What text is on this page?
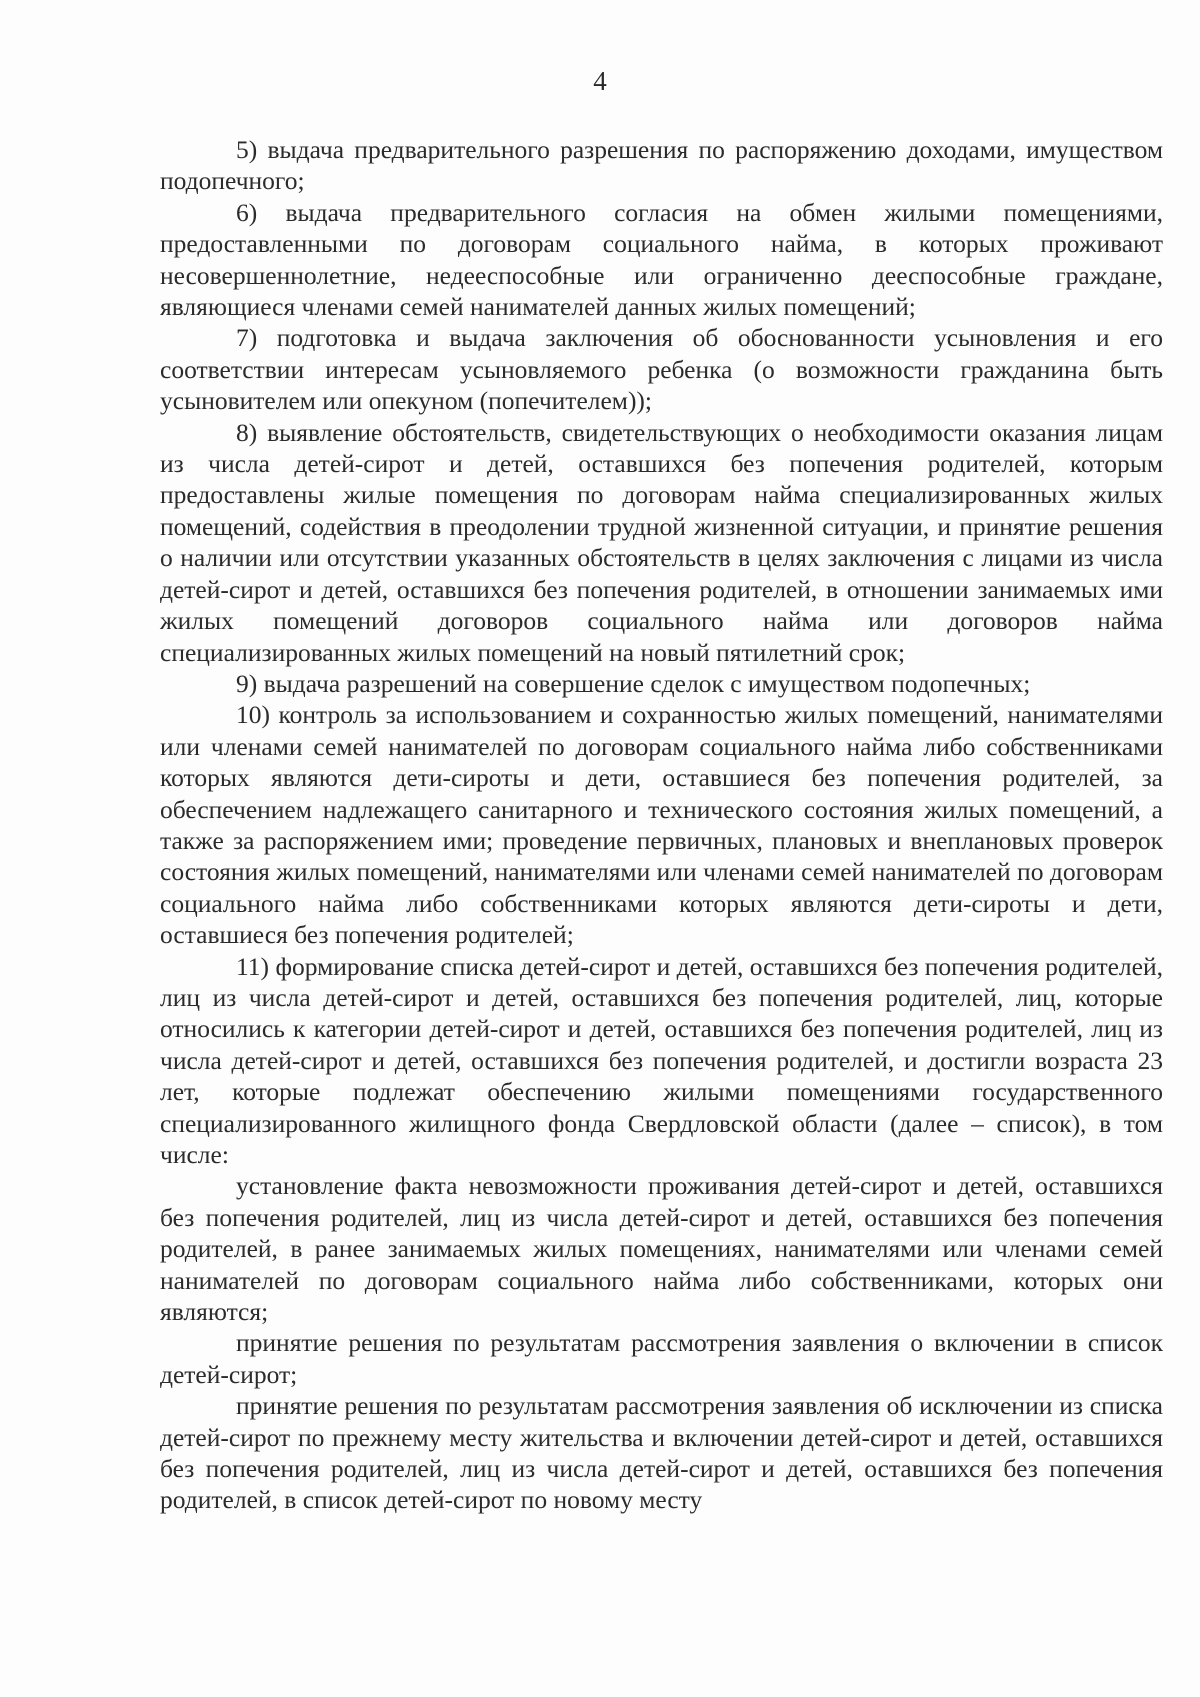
4

5) выдача предварительного разрешения по распоряжению доходами, имуществом подопечного;

6) выдача предварительного согласия на обмен жилыми помещениями, предоставленными по договорам социального найма, в которых проживают несовершеннолетние, недееспособные или ограниченно дееспособные граждане, являющиеся членами семей нанимателей данных жилых помещений;

7) подготовка и выдача заключения об обоснованности усыновления и его соответствии интересам усыновляемого ребенка (о возможности гражданина быть усыновителем или опекуном (попечителем));

8) выявление обстоятельств, свидетельствующих о необходимости оказания лицам из числа детей-сирот и детей, оставшихся без попечения родителей, которым предоставлены жилые помещения по договорам найма специализированных жилых помещений, содействия в преодолении трудной жизненной ситуации, и принятие решения о наличии или отсутствии указанных обстоятельств в целях заключения с лицами из числа детей-сирот и детей, оставшихся без попечения родителей, в отношении занимаемых ими жилых помещений договоров социального найма или договоров найма специализированных жилых помещений на новый пятилетний срок;

9) выдача разрешений на совершение сделок с имуществом подопечных;

10) контроль за использованием и сохранностью жилых помещений, нанимателями или членами семей нанимателей по договорам социального найма либо собственниками которых являются дети-сироты и дети, оставшиеся без попечения родителей, за обеспечением надлежащего санитарного и технического состояния жилых помещений, а также за распоряжением ими; проведение первичных, плановых и внеплановых проверок состояния жилых помещений, нанимателями или членами семей нанимателей по договорам социального найма либо собственниками которых являются дети-сироты и дети, оставшиеся без попечения родителей;

11) формирование списка детей-сирот и детей, оставшихся без попечения родителей, лиц из числа детей-сирот и детей, оставшихся без попечения родителей, лиц, которые относились к категории детей-сирот и детей, оставшихся без попечения родителей, лиц из числа детей-сирот и детей, оставшихся без попечения родителей, и достигли возраста 23 лет, которые подлежат обеспечению жилыми помещениями государственного специализированного жилищного фонда Свердловской области (далее – список), в том числе:

установление факта невозможности проживания детей-сирот и детей, оставшихся без попечения родителей, лиц из числа детей-сирот и детей, оставшихся без попечения родителей, в ранее занимаемых жилых помещениях, нанимателями или членами семей нанимателей по договорам социального найма либо собственниками, которых они являются;

принятие решения по результатам рассмотрения заявления о включении в список детей-сирот;

принятие решения по результатам рассмотрения заявления об исключении из списка детей-сирот по прежнему месту жительства и включении детей-сирот и детей, оставшихся без попечения родителей, лиц из числа детей-сирот и детей, оставшихся без попечения родителей, в список детей-сирот по новому месту
